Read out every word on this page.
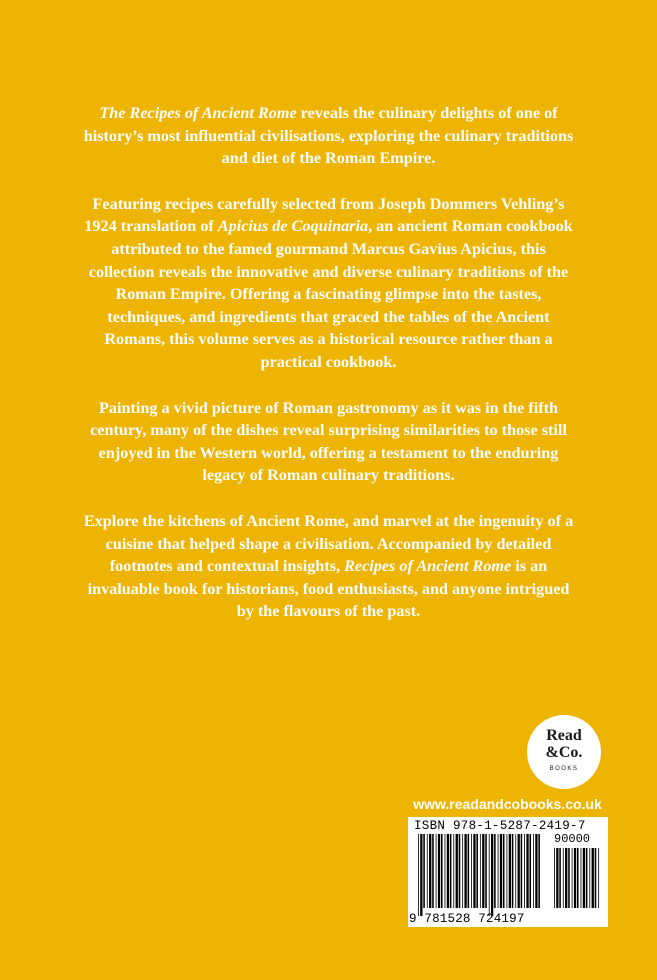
The Recipes of Ancient Rome reveals the culinary delights of one of history’s most influential civilisations, exploring the culinary traditions and diet of the Roman Empire.

Featuring recipes carefully selected from Joseph Dommers Vehling’s 1924 translation of Apicius de Coquinaria, an ancient Roman cookbook attributed to the famed gourmand Marcus Gavius Apicius, this collection reveals the innovative and diverse culinary traditions of the Roman Empire. Offering a fascinating glimpse into the tastes, techniques, and ingredients that graced the tables of the Ancient Romans, this volume serves as a historical resource rather than a practical cookbook.

Painting a vivid picture of Roman gastronomy as it was in the fifth century, many of the dishes reveal surprising similarities to those still enjoyed in the Western world, offering a testament to the enduring legacy of Roman culinary traditions.

Explore the kitchens of Ancient Rome, and marvel at the ingenuity of a cuisine that helped shape a civilisation. Accompanied by detailed footnotes and contextual insights, Recipes of Ancient Rome is an invaluable book for historians, food enthusiasts, and anyone intrigued by the flavours of the past.

Read
&Co.
BOOKS
www.readandcobooks.co.uk
ISBN 978-1-5287-2419-7
90000
9 781528 724197
